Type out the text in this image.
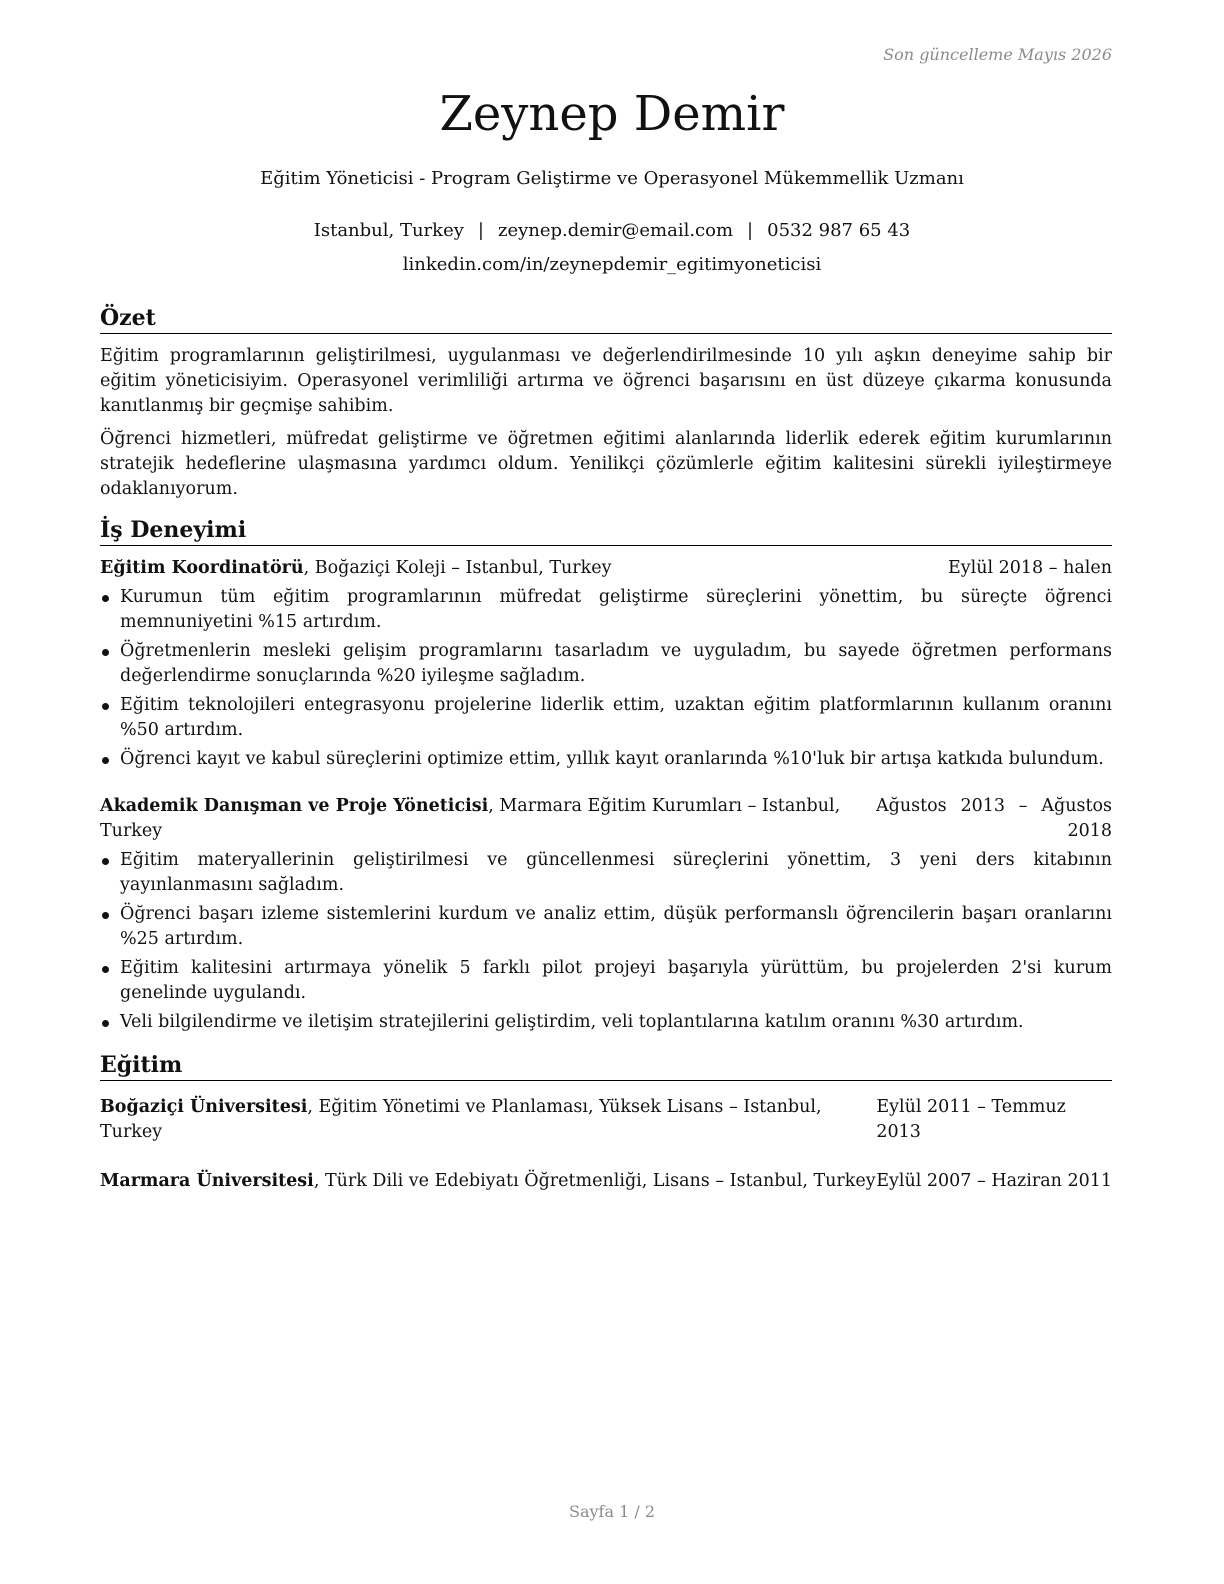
Son güncelleme Mayıs 2026
Zeynep Demir
Eğitim Yöneticisi - Program Geliştirme ve Operasyonel Mükemmellik Uzmanı
Istanbul, Turkey | zeynep.demir@email.com | 0532 987 65 43
linkedin.com/in/zeynepdemir_egitimyoneticisi
Özet

Eğitim programlarının geliştirilmesi, uygulanması ve değerlendirilmesinde 10 yılı aşkın deneyime sahip bir eğitim yöneticisiyim. Operasyonel verimliliği artırma ve öğrenci başarısını en üst düzeye çıkarma konusunda kanıtlanmış bir geçmişe sahibim.

Öğrenci hizmetleri, müfredat geliştirme ve öğretmen eğitimi alanlarında liderlik ederek eğitim kurumlarının stratejik hedeflerine ulaşmasına yardımcı oldum. Yenilikçi çözümlerle eğitim kalitesini sürekli iyileştirmeye odaklanıyorum.

İş Deneyimi
Eğitim Koordinatörü, Boğaziçi Koleji – Istanbul, Turkey	Eylül 2018 – halen
Kurumun tüm eğitim programlarının müfredat geliştirme süreçlerini yönettim, bu süreçte öğrenci memnuniyetini %15 artırdım.
Öğretmenlerin mesleki gelişim programlarını tasarladım ve uyguladım, bu sayede öğretmen performans değerlendirme sonuçlarında %20 iyileşme sağladım.
Eğitim teknolojileri entegrasyonu projelerine liderlik ettim, uzaktan eğitim platformlarının kullanım oranını %50 artırdım.
Öğrenci kayıt ve kabul süreçlerini optimize ettim, yıllık kayıt oranlarında %10'luk bir artışa katkıda bulundum.
Akademik Danışman ve Proje Yöneticisi, Marmara Eğitim Kurumları – Istanbul, Turkey
Ağustos 2013 – Ağustos 2018
Eğitim materyallerinin geliştirilmesi ve güncellenmesi süreçlerini yönettim, 3 yeni ders kitabının yayınlanmasını sağladım.
Öğrenci başarı izleme sistemlerini kurdum ve analiz ettim, düşük performanslı öğrencilerin başarı oranlarını %25 artırdım.
Eğitim kalitesini artırmaya yönelik 5 farklı pilot projeyi başarıyla yürüttüm, bu projelerden 2'si kurum genelinde uygulandı.
Veli bilgilendirme ve iletişim stratejilerini geliştirdim, veli toplantılarına katılım oranını %30 artırdım.
Eğitim
Boğaziçi Üniversitesi, Eğitim Yönetimi ve Planlaması, Yüksek Lisans – Istanbul, Turkey
Eylül 2011 – Temmuz 2013
Marmara Üniversitesi, Türk Dili ve Edebiyatı Öğretmenliği, Lisans – Istanbul, Turkey Eylül 2007 – Haziran 2011
Sayfa 1 / 2
